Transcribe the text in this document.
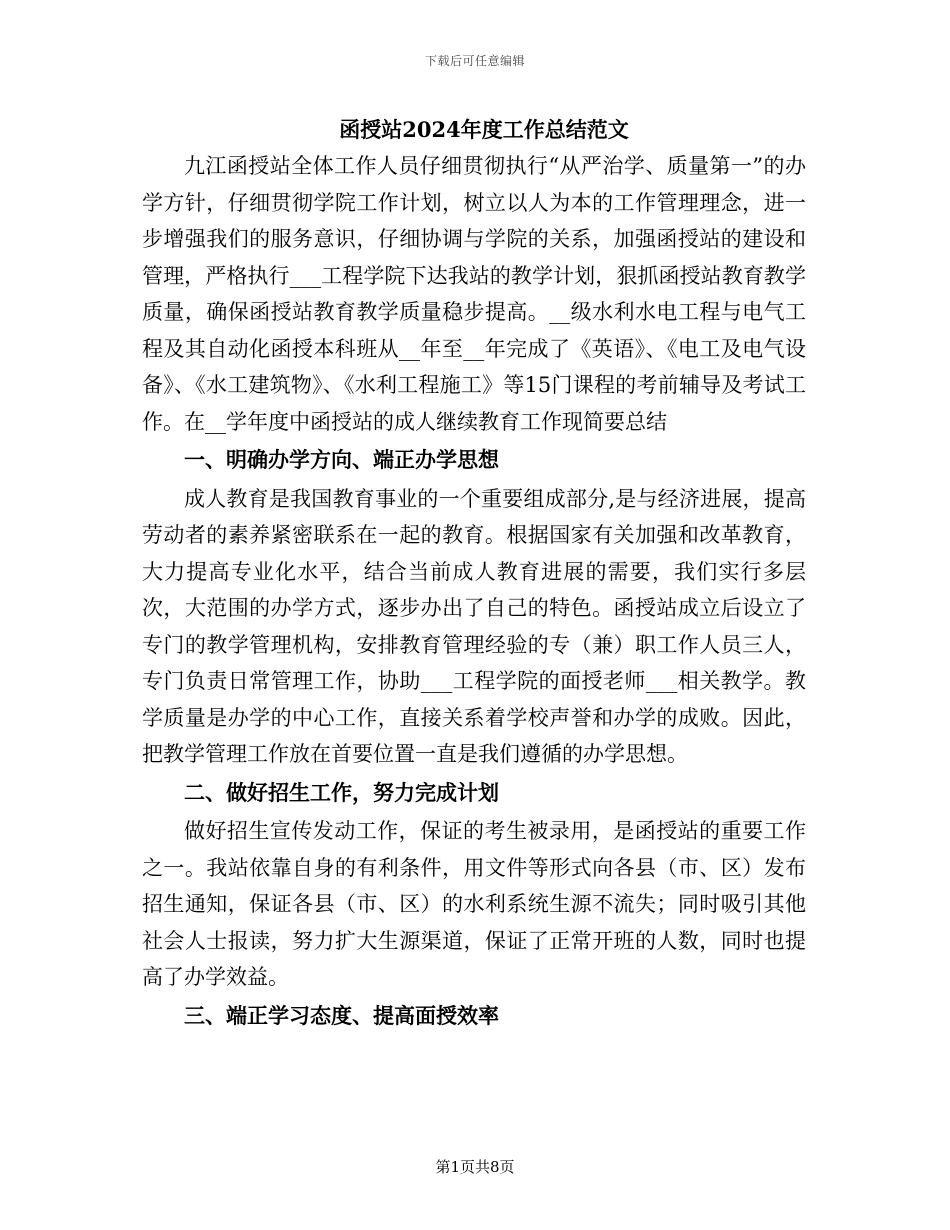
下载后可任意编辑
函授站2024年度工作总结范文

九江函授站全体工作人员仔细贯彻执行“从严治学、质量第一”的办学方针，仔细贯彻学院工作计划，树立以人为本的工作管理理念，进一步增强我们的服务意识，仔细协调与学院的关系，加强函授站的建设和管理，严格执行___工程学院下达我站的教学计划，狠抓函授站教育教学质量，确保函授站教育教学质量稳步提高。__级水利水电工程与电气工程及其自动化函授本科班从__年至__年完成了《英语》、《电工及电气设备》、《水工建筑物》、《水利工程施工》等15门课程的考前辅导及考试工作。在__学年度中函授站的成人继续教育工作现简要总结

一、明确办学方向、端正办学思想

成人教育是我国教育事业的一个重要组成部分,是与经济进展，提高劳动者的素养紧密联系在一起的教育。根据国家有关加强和改革教育，大力提高专业化水平，结合当前成人教育进展的需要，我们实行多层次，大范围的办学方式，逐步办出了自己的特色。函授站成立后设立了专门的教学管理机构，安排教育管理经验的专（兼）职工作人员三人，专门负责日常管理工作，协助___工程学院的面授老师___相关教学。教学质量是办学的中心工作，直接关系着学校声誉和办学的成败。因此，把教学管理工作放在首要位置一直是我们遵循的办学思想。

二、做好招生工作，努力完成计划

做好招生宣传发动工作，保证的考生被录用，是函授站的重要工作之一。我站依靠自身的有利条件，用文件等形式向各县（市、区）发布招生通知，保证各县（市、区）的水利系统生源不流失；同时吸引其他社会人士报读，努力扩大生源渠道，保证了正常开班的人数，同时也提高了办学效益。

三、端正学习态度、提高面授效率

第1页共8页
